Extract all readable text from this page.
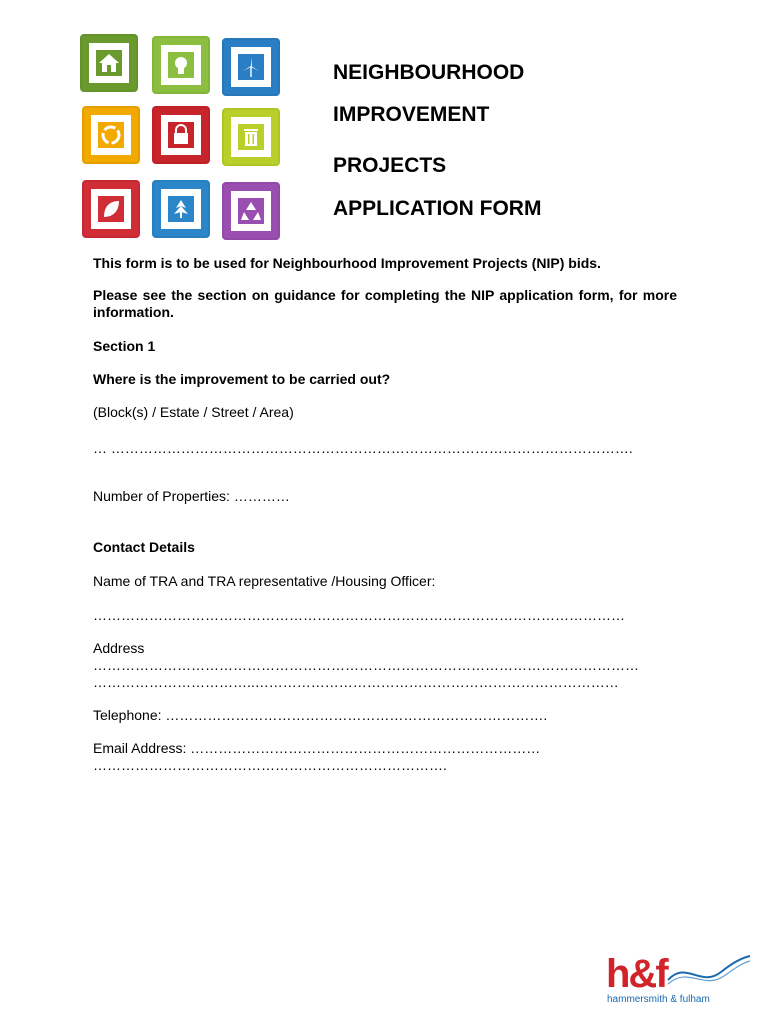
NEIGHBOURHOOD
IMPROVEMENT
PROJECTS
APPLICATION FORM
This form is to be used for Neighbourhood Improvement Projects (NIP) bids.
Please see the section on guidance for completing the NIP application form, for more information.
Section 1
Where is the improvement to be carried out?
(Block(s) / Estate / Street / Area)
… ………………………………………………………………………………………………….
Number of Properties: …………
Contact Details
Name of TRA and TRA representative /Housing Officer:
……………………………………………………………………………………………………
Address
………………………………………………………………………………………………………
……………………………..……………………………………………………………………
Telephone: ……………………………………………………………………….
Email Address: …………………………………………………………………
………………………………………………………………….
h&f
hammersmith & fulham
